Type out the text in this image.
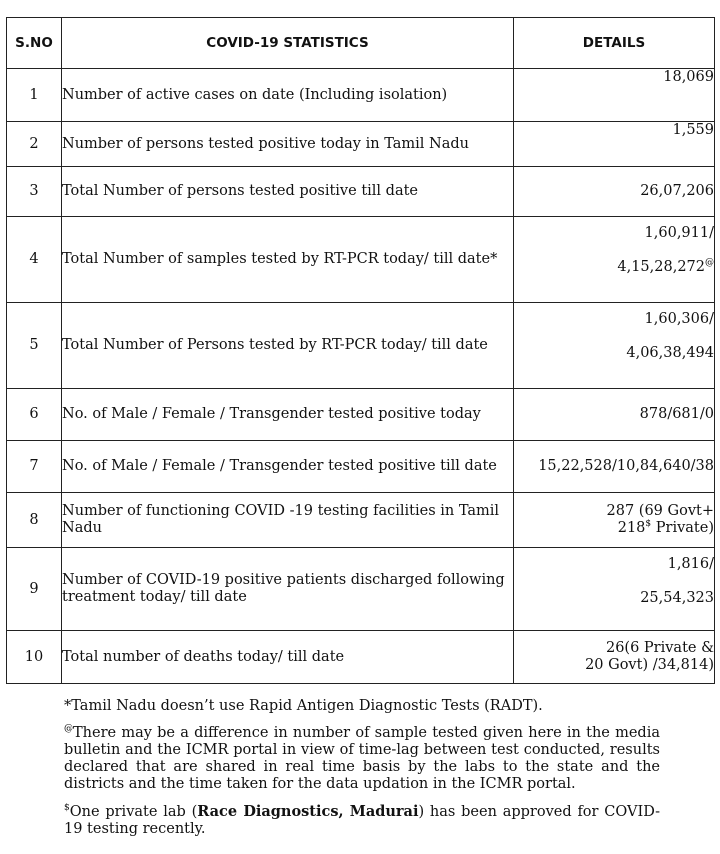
S.NO	COVID-19 STATISTICS	DETAILS
1	Number of active cases on date (Including isolation)	18,069

2	Number of persons tested positive today in Tamil Nadu	1,559

3	Total Number of persons tested positive till date	26,07,206

4	Total Number of samples tested by RT-PCR today/ till date*	1,60,911/
4,15,28,272@

5	Total Number of Persons tested by RT-PCR today/ till date	1,60,306/
4,06,38,494

6	No. of Male / Female / Transgender tested positive today	878/681/0

7	No. of Male / Female / Transgender tested positive till date	15,22,528/10,84,640/38

8	Number of functioning COVID -19 testing facilities in Tamil Nadu	287 (69 Govt+
218$ Private)

9	Number of COVID-19 positive patients discharged following treatment today/ till date	1,816/
25,54,323

10	Total number of deaths today/ till date	26(6 Private &
20 Govt) /34,814)

*Tamil Nadu doesn’t use Rapid Antigen Diagnostic Tests (RADT).

@There may be a difference in number of sample tested given here in the media bulletin and the ICMR portal in view of time-lag between test conducted, results declared that are shared in real time basis by the labs to the state and the districts and the time taken for the data updation in the ICMR portal.

$One private lab (Race Diagnostics, Madurai) has been approved for COVID-19 testing recently.
